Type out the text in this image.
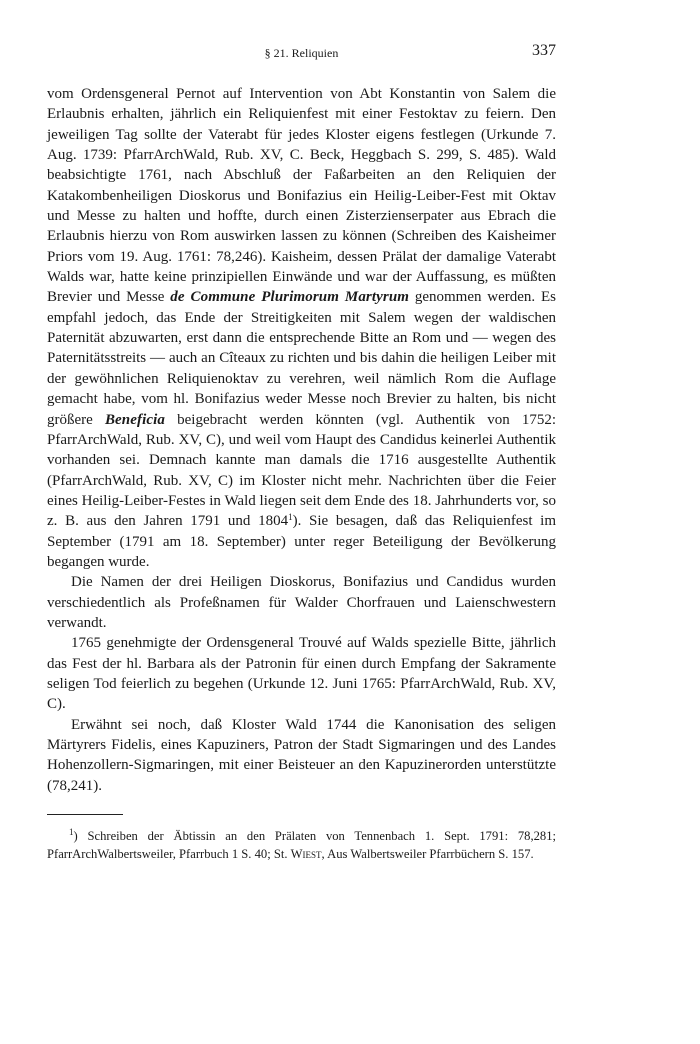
§ 21. Reliquien	337

vom Ordensgeneral Pernot auf Intervention von Abt Konstantin von Salem die Erlaubnis erhalten, jährlich ein Reliquienfest mit einer Festoktav zu feiern. Den jeweiligen Tag sollte der Vaterabt für jedes Kloster eigens festlegen (Urkunde 7. Aug. 1739: PfarrArchWald, Rub. XV, C. Beck, Heggbach S. 299, S. 485). Wald beabsichtigte 1761, nach Abschluß der Faßarbeiten an den Reliquien der Katakombenheiligen Dioskorus und Bonifazius ein Heilig-Leiber-Fest mit Oktav und Messe zu halten und hoffte, durch einen Zisterzienserpater aus Ebrach die Erlaubnis hierzu von Rom auswirken lassen zu können (Schreiben des Kaisheimer Priors vom 19. Aug. 1761: 78,246). Kaisheim, dessen Prälat der damalige Vaterabt Walds war, hatte keine prinzipiellen Einwände und war der Auffassung, es müßten Brevier und Messe de Commune Plurimorum Martyrum genommen werden. Es empfahl jedoch, das Ende der Streitigkeiten mit Salem wegen der waldischen Paternität abzuwarten, erst dann die entsprechende Bitte an Rom und — wegen des Paternitätsstreits — auch an Cîteaux zu richten und bis dahin die heiligen Leiber mit der gewöhnlichen Reliquienoktav zu verehren, weil nämlich Rom die Auflage gemacht habe, vom hl. Bonifazius weder Messe noch Brevier zu halten, bis nicht größere Beneficia beigebracht werden könnten (vgl. Authentik von 1752: PfarrArchWald, Rub. XV, C), und weil vom Haupt des Candidus keinerlei Authentik vorhanden sei. Demnach kannte man damals die 1716 ausgestellte Authentik (PfarrArchWald, Rub. XV, C) im Kloster nicht mehr. Nachrichten über die Feier eines Heilig-Leiber-Festes in Wald liegen seit dem Ende des 18. Jahrhunderts vor, so z. B. aus den Jahren 1791 und 1804$^1$). Sie besagen, daß das Reliquienfest im September (1791 am 18. September) unter reger Beteiligung der Bevölkerung begangen wurde.

Die Namen der drei Heiligen Dioskorus, Bonifazius und Candidus wurden verschiedentlich als Profeßnamen für Walder Chorfrauen und Laienschwestern verwandt.

1765 genehmigte der Ordensgeneral Trouvé auf Walds spezielle Bitte, jährlich das Fest der hl. Barbara als der Patronin für einen durch Empfang der Sakramente seligen Tod feierlich zu begehen (Urkunde 12. Juni 1765: PfarrArchWald, Rub. XV, C).

Erwähnt sei noch, daß Kloster Wald 1744 die Kanonisation des seligen Märtyrers Fidelis, eines Kapuziners, Patron der Stadt Sigmaringen und des Landes Hohenzollern-Sigmaringen, mit einer Beisteuer an den Kapuzinerorden unterstützte (78,241).

$^1$) Schreiben der Äbtissin an den Prälaten von Tennenbach 1. Sept. 1791: 78,281; PfarrArchWalbertsweiler, Pfarrbuch 1 S. 40; St. Wiest, Aus Walbertsweiler Pfarrbüchern S. 157.
